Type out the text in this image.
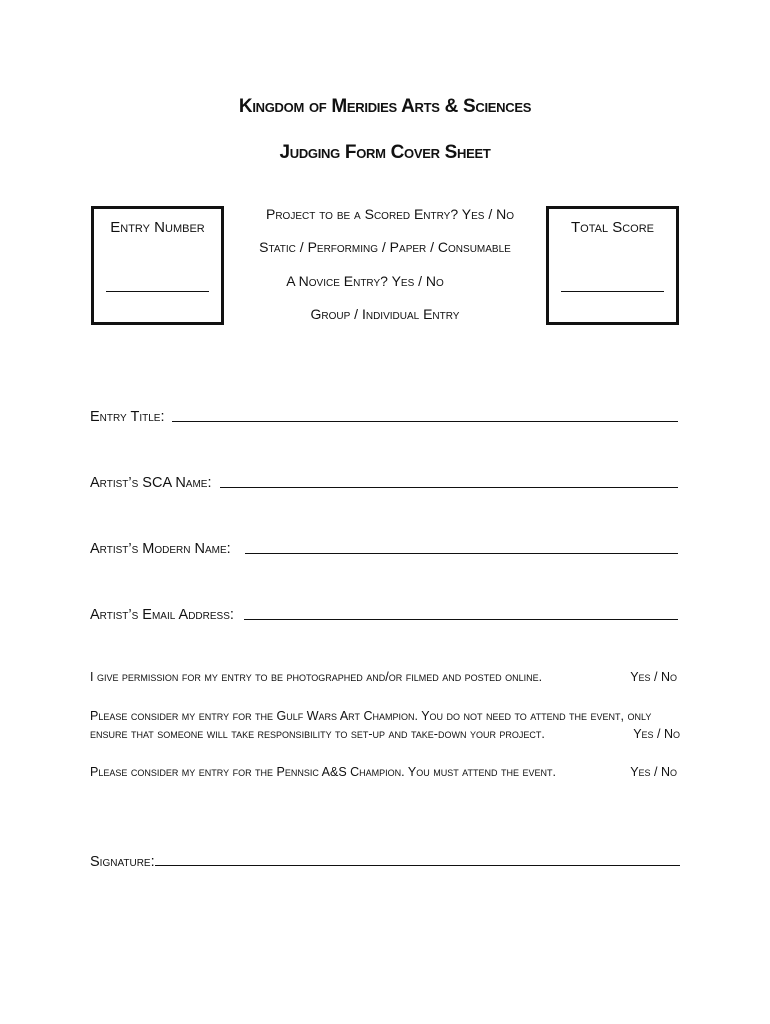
Kingdom of Meridies Arts & Sciences
Judging Form Cover Sheet
Entry Number	Total Score
Project to be a Scored Entry? Yes / No
Static / Performing / Paper / Consumable
A Novice Entry? Yes / No
Group / Individual Entry
Entry Title:
Artist’s SCA Name:
Artist’s Modern Name:
Artist’s Email Address:
I give permission for my entry to be photographed and/or filmed and posted online.	Yes / No
Please consider my entry for the Gulf Wars Art Champion. You do not need to attend the event, only
ensure that someone will take responsibility to set-up and take-down your project.	Yes / No
Please consider my entry for the Pennsic A&S Champion. You must attend the event.	Yes / No
Signature:
